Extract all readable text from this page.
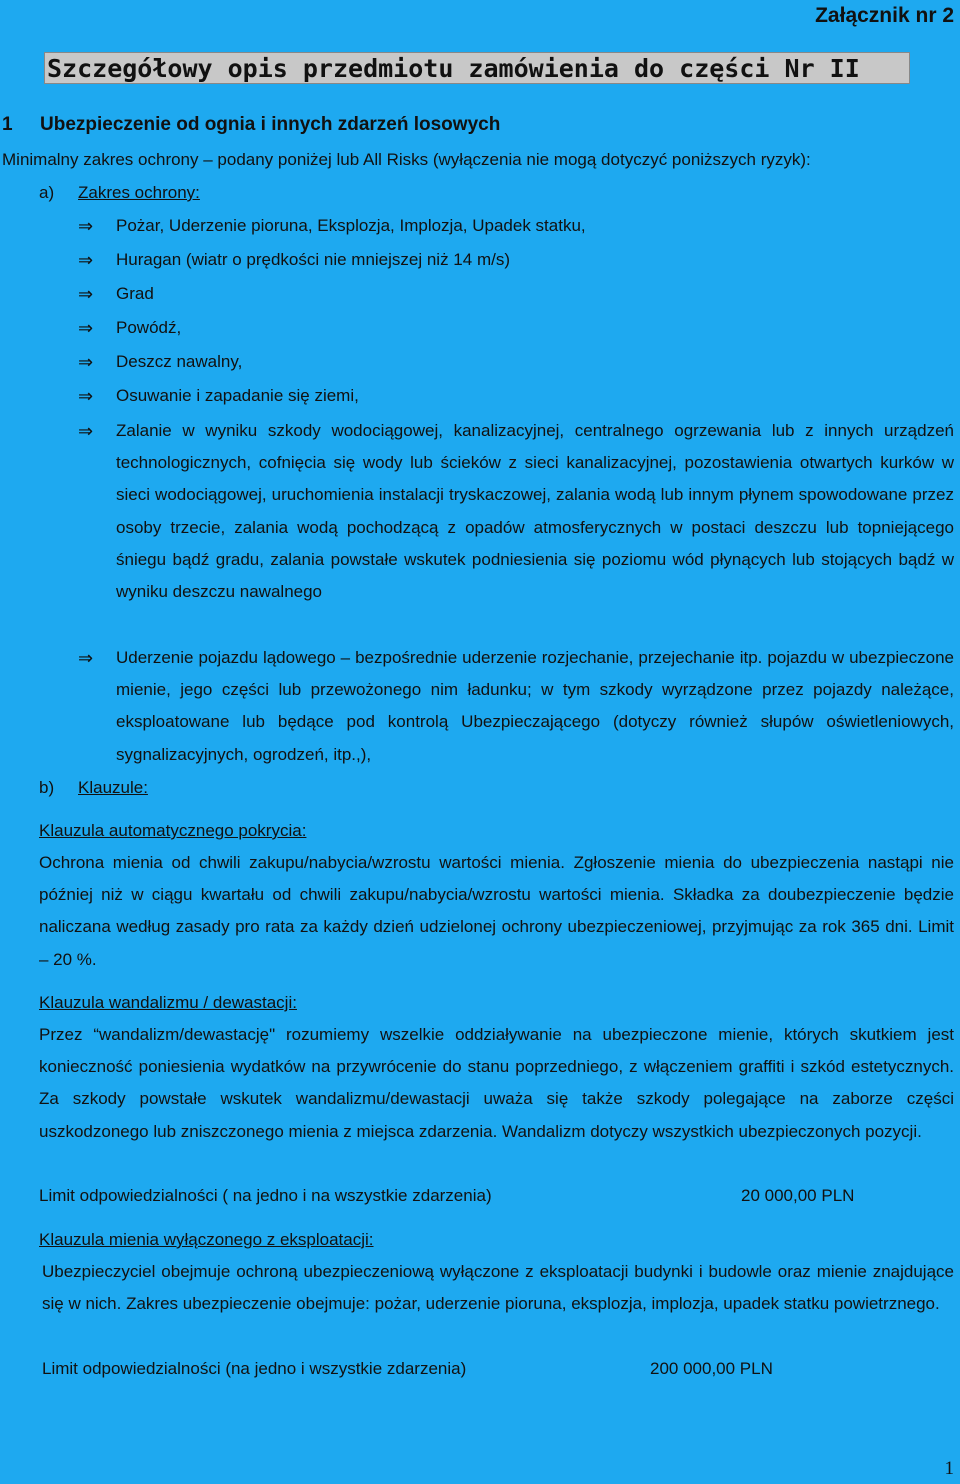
Załącznik nr 2
Szczegółowy opis przedmiotu zamówienia do części Nr II
1 Ubezpieczenie od ognia i innych zdarzeń losowych
Minimalny zakres ochrony – podany poniżej lub All Risks (wyłączenia nie mogą dotyczyć poniższych ryzyk):
a) Zakres ochrony:
⇒ Pożar, Uderzenie pioruna, Eksplozja, Implozja, Upadek statku,
⇒ Huragan (wiatr o prędkości nie mniejszej niż 14 m/s)
⇒ Grad
⇒ Powódź,
⇒ Deszcz nawalny,
⇒ Osuwanie i zapadanie się ziemi,
⇒ Zalanie w wyniku szkody wodociągowej, kanalizacyjnej, centralnego ogrzewania lub z innych urządzeń technologicznych, cofnięcia się wody lub ścieków z sieci kanalizacyjnej, pozostawienia otwartych kurków w sieci wodociągowej, uruchomienia instalacji tryskaczowej, zalania wodą lub innym płynem spowodowane przez osoby trzecie, zalania wodą pochodzącą z opadów atmosferycznych w postaci deszczu lub topniejącego śniegu bądź gradu, zalania powstałe wskutek podniesienia się poziomu wód płynących lub stojących bądź w wyniku deszczu nawalnego
⇒ Uderzenie pojazdu lądowego – bezpośrednie uderzenie rozjechanie, przejechanie itp. pojazdu w ubezpieczone mienie, jego części lub przewożonego nim ładunku; w tym szkody wyrządzone przez pojazdy należące, eksploatowane lub będące pod kontrolą Ubezpieczającego (dotyczy również słupów oświetleniowych, sygnalizacyjnych, ogrodzeń, itp.,),
b) Klauzule:
Klauzula automatycznego pokrycia:
Ochrona mienia od chwili zakupu/nabycia/wzrostu wartości mienia. Zgłoszenie mienia do ubezpieczenia nastąpi nie później niż w ciągu kwartału od chwili zakupu/nabycia/wzrostu wartości mienia. Składka za doubezpieczenie będzie naliczana według zasady pro rata za każdy dzień udzielonej ochrony ubezpieczeniowej, przyjmując za rok 365 dni. Limit – 20 %.
Klauzula wandalizmu / dewastacji:
Przez “wandalizm/dewastację" rozumiemy wszelkie oddziaływanie na ubezpieczone mienie, których skutkiem jest konieczność poniesienia wydatków na przywrócenie do stanu poprzedniego, z włączeniem graffiti i szkód estetycznych. Za szkody powstałe wskutek wandalizmu/dewastacji uważa się także szkody polegające na zaborze części uszkodzonego lub zniszczonego mienia z miejsca zdarzenia. Wandalizm dotyczy wszystkich ubezpieczonych pozycji.
Limit odpowiedzialności ( na jedno i na wszystkie zdarzenia)	20 000,00 PLN
Klauzula mienia wyłączonego z eksploatacji:
Ubezpieczyciel obejmuje ochroną ubezpieczeniową wyłączone z eksploatacji budynki i budowle oraz mienie znajdujące się w nich. Zakres ubezpieczenie obejmuje: pożar, uderzenie pioruna, eksplozja, implozja, upadek statku powietrznego.
Limit odpowiedzialności (na jedno i wszystkie zdarzenia)	200 000,00 PLN
1
